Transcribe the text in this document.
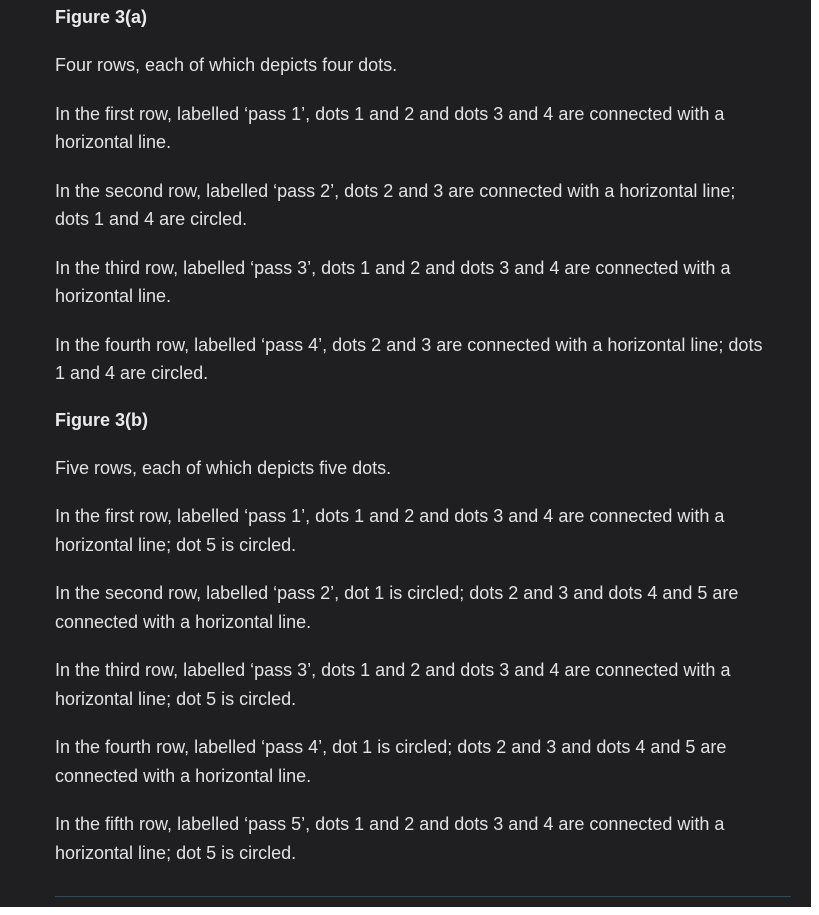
Figure 3(a)

Four rows, each of which depicts four dots.

In the first row, labelled ‘pass 1’, dots 1 and 2 and dots 3 and 4 are connected with a horizontal line.

In the second row, labelled ‘pass 2’, dots 2 and 3 are connected with a horizontal line; dots 1 and 4 are circled.

In the third row, labelled ‘pass 3’, dots 1 and 2 and dots 3 and 4 are connected with a horizontal line.

In the fourth row, labelled ‘pass 4’, dots 2 and 3 are connected with a horizontal line; dots 1 and 4 are circled.

Figure 3(b)

Five rows, each of which depicts five dots.

In the first row, labelled ‘pass 1’, dots 1 and 2 and dots 3 and 4 are connected with a horizontal line; dot 5 is circled.

In the second row, labelled ‘pass 2’, dot 1 is circled; dots 2 and 3 and dots 4 and 5 are connected with a horizontal line.

In the third row, labelled ‘pass 3’, dots 1 and 2 and dots 3 and 4 are connected with a horizontal line; dot 5 is circled.

In the fourth row, labelled ‘pass 4’, dot 1 is circled; dots 2 and 3 and dots 4 and 5 are connected with a horizontal line.

In the fifth row, labelled ‘pass 5’, dots 1 and 2 and dots 3 and 4 are connected with a horizontal line; dot 5 is circled.
